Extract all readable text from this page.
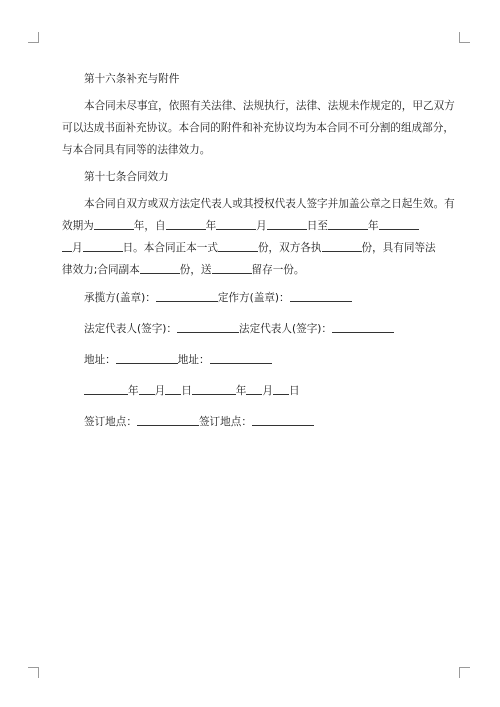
第十六条补充与附件
本合同未尽事宜，依照有关法律、法规执行，法律、法规未作规定的，甲乙双方
可以达成书面补充协议。本合同的附件和补充协议均为本合同不可分割的组成部分，
与本合同具有同等的法律效力。
第十七条合同效力
本合同自双方或双方法定代表人或其授权代表人签字并加盖公章之日起生效。有
效期为	年，自	年	月	日至	年
月	日。本合同正本一式	份，双方各执	份，具有同等法
律效力;合同副本	份，送	留存一份。
承揽方(盖章)：	定作方(盖章)：
法定代表人(签字)：	法定代表人(签字)：
地址：	地址：
年 月 日	年 月 日
签订地点：	签订地点：
